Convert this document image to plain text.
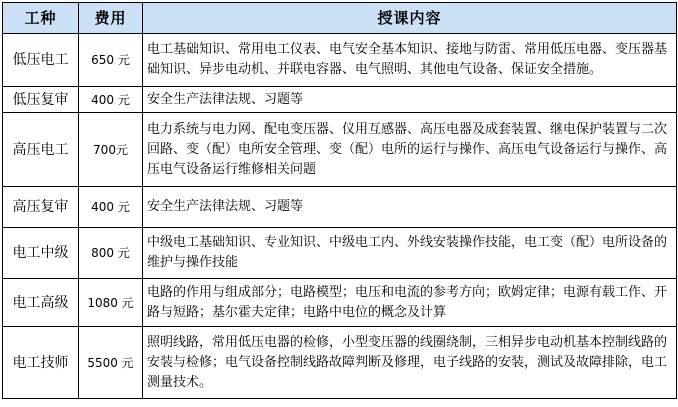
工种	费用	授课内容
低压电工	650 元	电工基础知识、常用电工仪表、电气安全基本知识、接地与防雷、常用低压电器、变压器基础知识、异步电动机、并联电容器、电气照明、其他电气设备、保证安全措施。
低压复审	400 元	安全生产法律法规、习题等
高压电工	700元	电力系统与电力网、配电变压器、仪用互感器、高压电器及成套装置、继电保护装置与二次回路、变（配）电所安全管理、变（配）电所的运行与操作、高压电气设备运行与操作、高压电气设备运行维修相关问题
高压复审	400 元	安全生产法律法规、习题等
电工中级	800 元	中级电工基础知识、专业知识、中级电工内、外线安装操作技能，电工变（配）电所设备的维护与操作技能
电工高级	1080 元	电路的作用与组成部分；电路模型；电压和电流的参考方向；欧姆定律；电源有载工作、开路与短路；基尔霍夫定律；电路中电位的概念及计算
电工技师	5500 元	照明线路，常用低压电器的检修，小型变压器的线圈绕制，三相异步电动机基本控制线路的安装与检修；电气设备控制线路故障判断及修理，电子线路的安装，测试及故障排除，电工测量技术。
